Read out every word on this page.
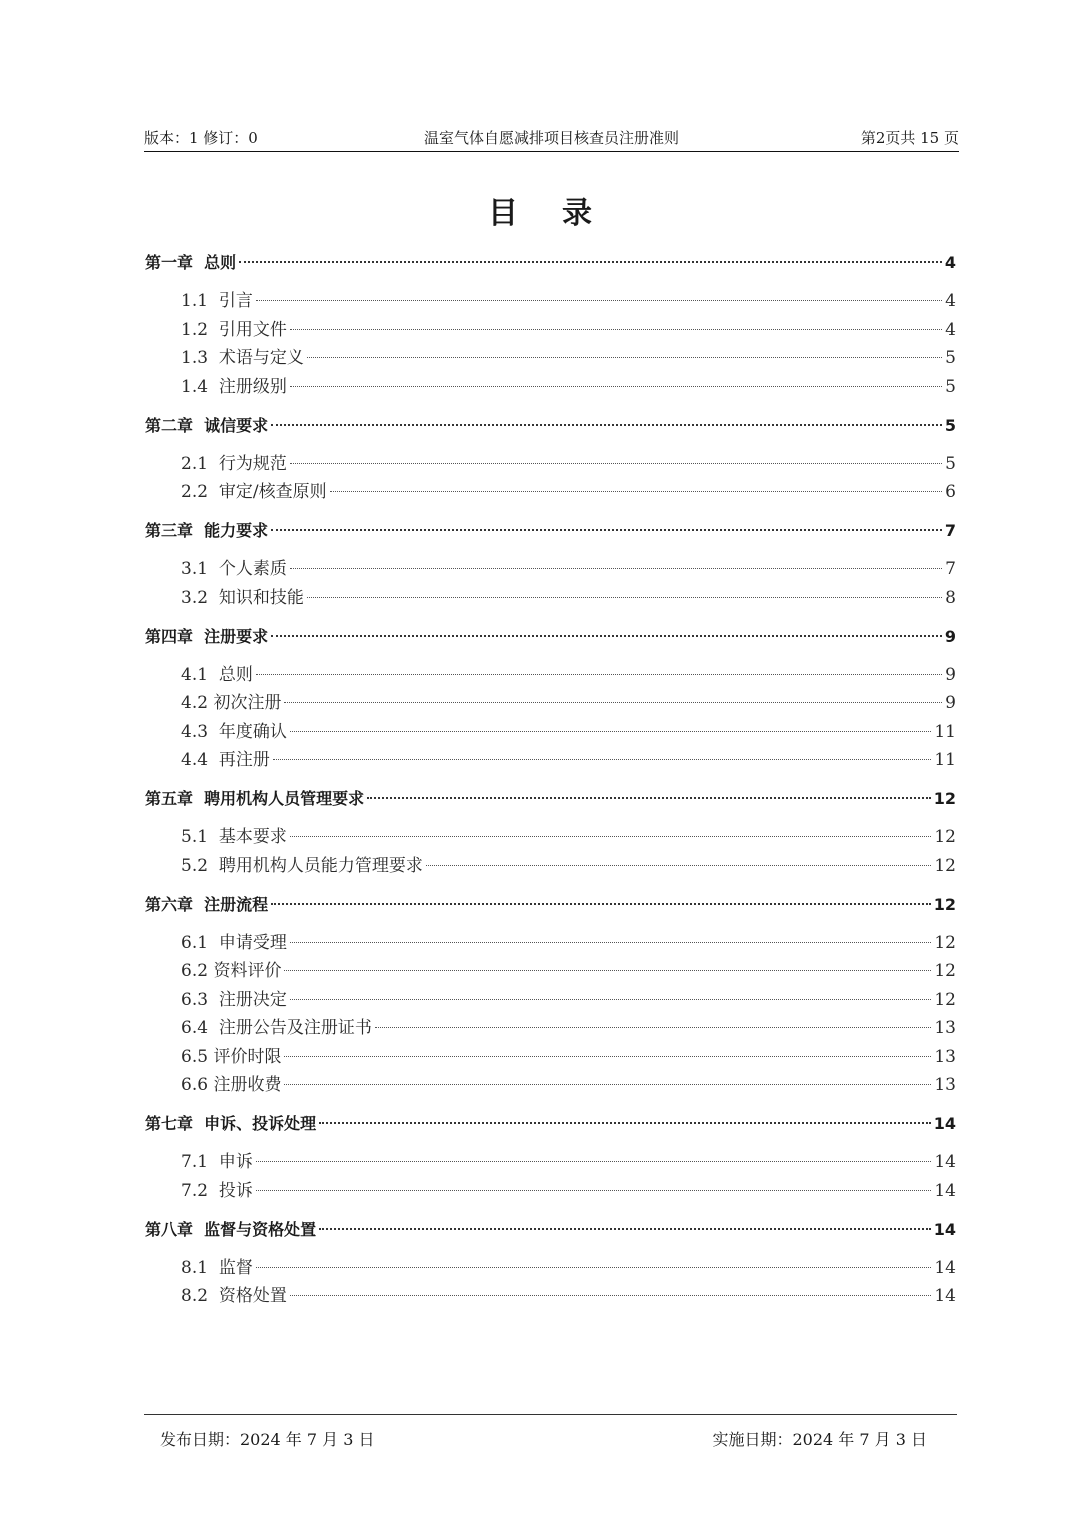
版本：1 修订：0	温室气体自愿减排项目核查员注册准则	第2页共 15 页
目录
第一章  总则	4
1.1  引言	4
1.2  引用文件	4
1.3  术语与定义	5
1.4  注册级别	5
第二章  诚信要求	5
2.1  行为规范	5
2.2  审定/核查原则	6
第三章  能力要求	7
3.1  个人素质	7
3.2  知识和技能	8
第四章  注册要求	9
4.1  总则	9
4.2 初次注册	9
4.3  年度确认	11
4.4  再注册	11
第五章  聘用机构人员管理要求	12
5.1  基本要求	12
5.2  聘用机构人员能力管理要求	12
第六章  注册流程	12
6.1  申请受理	12
6.2 资料评价	12
6.3  注册决定	12
6.4  注册公告及注册证书	13
6.5 评价时限	13
6.6 注册收费	13
第七章  申诉、投诉处理	14
7.1  申诉	14
7.2  投诉	14
第八章  监督与资格处置	14
8.1  监督	14
8.2  资格处置	14
发布日期：2024 年 7 月 3 日	实施日期：2024 年 7 月 3 日
